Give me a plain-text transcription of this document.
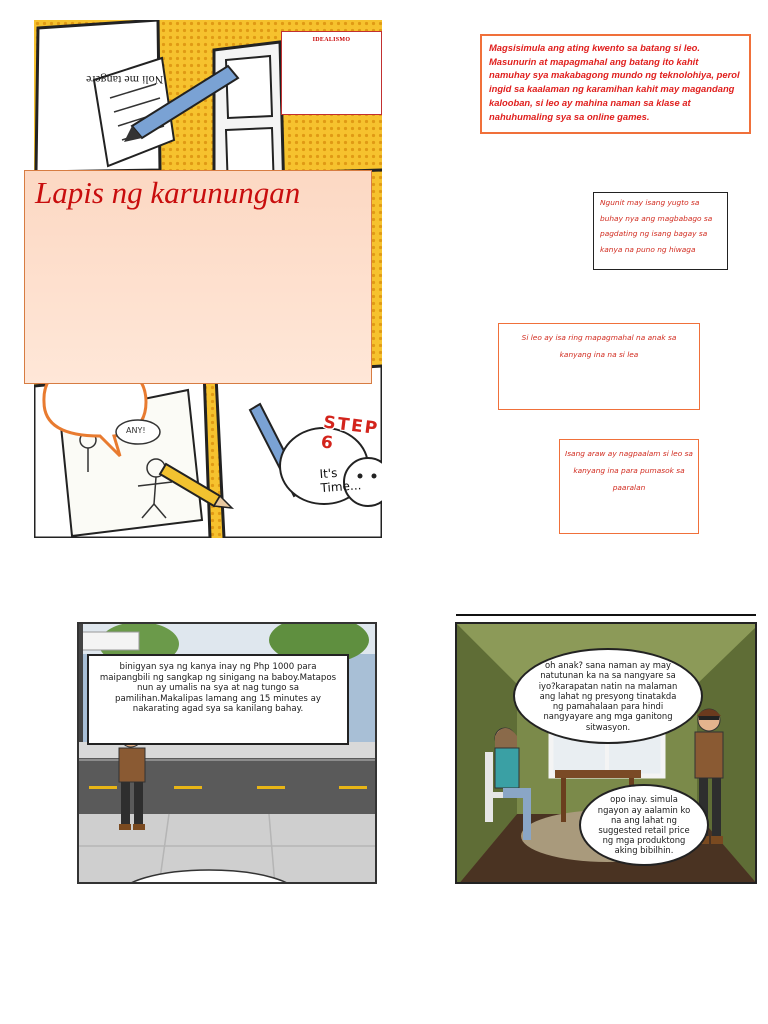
Noli me tangere
ANY!	STEP 6
It's
Time...
IDEALISMO
Lapis ng karunungan

Magsisimula ang ating kwento sa batang si leo. Masunurin at mapagmahal ang batang ito kahit namuhay sya makabagong mundo ng teknolohiya, perol ingid sa kaalaman ng karamihan kahit may magandang kalooban, si leo ay mahina naman sa klase at nahuhumaling sya sa online games.

Ngunit may isang yugto sa buhay nya ang magbabago sa pagdating ng isang bagay sa kanya na puno ng hiwaga

Si leo ay isa ring mapagmahal na anak sa kanyang ina na si lea

Isang araw ay nagpaalam si leo sa kanyang ina para pumasok sa paaralan

binigyan sya ng kanya inay ng Php 1000 para maipangbili ng sangkap ng sinigang na baboy.Matapos nun ay umalis na sya at nag tungo sa pamilihan.Makalipas lamang ang 15 minutes ay nakarating agad sya sa kanilang bahay.

oh anak? sana naman ay may natutunan ka na sa nangyare sa iyo?karapatan natin na malaman ang lahat ng presyong tinatakda ng pamahalaan para hindi nangyayare ang mga ganitong sitwasyon.

opo inay. simula ngayon ay aalamin ko na ang lahat ng suggested retail price ng mga produktong aking bibilhin.
